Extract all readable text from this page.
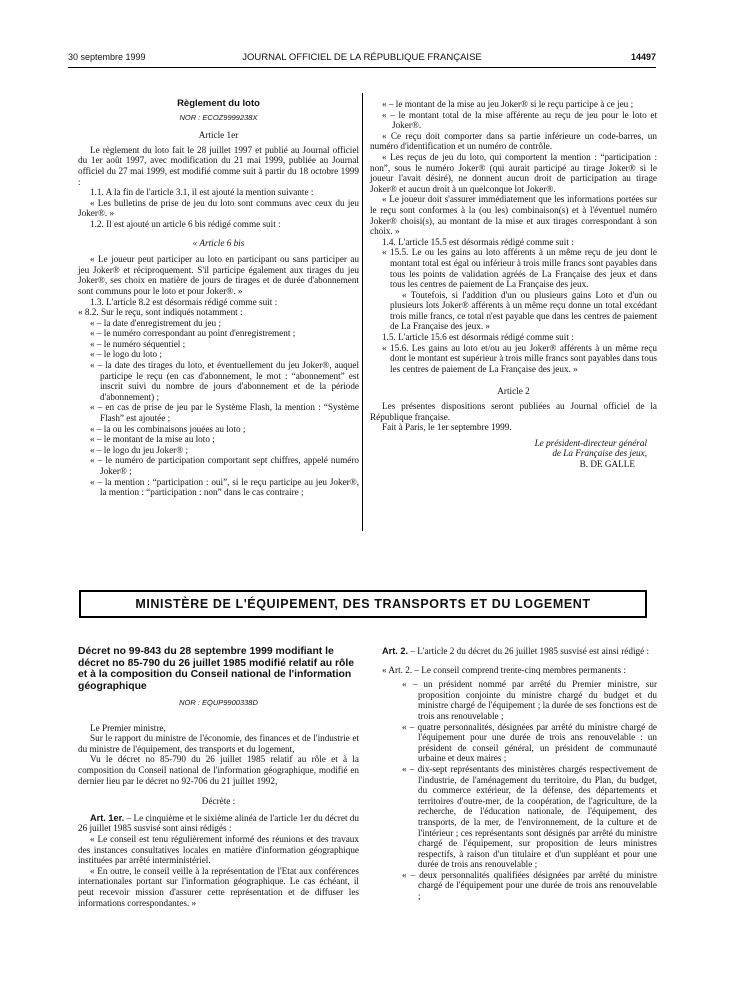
30 septembre 1999	JOURNAL OFFICIEL DE LA RÉPUBLIQUE FRANÇAISE	14497

Règlement du loto

NOR : ECOZ9999238X

Article 1er

Le règlement du loto fait le 28 juillet 1997 et publié au Journal officiel du 1er août 1997, avec modification du 21 mai 1999, publiée au Journal officiel du 27 mai 1999, est modifié comme suit à partir du 18 octobre 1999 :

1.1. A la fin de l'article 3.1, il est ajouté la mention suivante :

« Les bulletins de prise de jeu du loto sont communs avec ceux du jeu Joker®. »

1.2. Il est ajouté un article 6 bis rédigé comme suit :

« Article 6 bis

« Le joueur peut participer au loto en participant ou sans participer au jeu Joker® et réciproquement. S'il participe également aux tirages du jeu Joker®, ses choix en matière de jours de tirages et de durée d'abonnement sont communs pour le loto et pour Joker®. »

1.3. L'article 8.2 est désormais rédigé comme suit :

« 8.2. Sur le reçu, sont indiqués notamment :

« – la date d'enregistrement du jeu ;

« – le numéro correspondant au point d'enregistrement ;

« – le numéro séquentiel ;

« – le logo du loto ;

« – la date des tirages du loto, et éventuellement du jeu Joker®, auquel participe le reçu (en cas d'abonnement, le mot : “abonnement” est inscrit suivi du nombre de jours d'abonnement et de la période d'abonnement) ;

« – en cas de prise de jeu par le Système Flash, la mention : “Système Flash” est ajoutée ;

« – la ou les combinaisons jouées au loto ;

« – le montant de la mise au loto ;

« – le logo du jeu Joker® ;

« – le numéro de participation comportant sept chiffres, appelé numéro Joker® ;

« – la mention : “participation : oui”, si le reçu participe au jeu Joker®, la mention : “participation : non” dans le cas contraire ;

« – le montant de la mise au jeu Joker® si le reçu participe à ce jeu ;

« – le montant total de la mise afférente au reçu de jeu pour le loto et Joker®.

« Ce reçu doit comporter dans sa partie inférieure un code-barres, un numéro d'identification et un numéro de contrôle.

« Les reçus de jeu du loto, qui comportent la mention : “participation : non”, sous le numéro Joker® (qui aurait participé au tirage Joker® si le joueur l'avait désiré), ne donnent aucun droit de participation au tirage Joker® et aucun droit à un quelconque lot Joker®.

« Le joueur doit s'assurer immédiatement que les informations portées sur le reçu sont conformes à la (ou les) combinaison(s) et à l'éventuel numéro Joker® choisi(s), au montant de la mise et aux tirages correspondant à son choix. »

1.4. L'article 15.5 est désormais rédigé comme suit :

« 15.5. Le ou les gains au loto afférents à un même reçu de jeu dont le montant total est égal ou inférieur à trois mille francs sont payables dans tous les points de validation agréés de La Française des jeux et dans tous les centres de paiement de La Française des jeux.

« Toutefois, si l'addition d'un ou plusieurs gains Loto et d'un ou plusieurs lots Joker® afférents à un même reçu donne un total excédant trois mille francs, ce total n'est payable que dans les centres de paiement de La Française des jeux. »

1.5. L'article 15.6 est désormais rédigé comme suit :

« 15.6. Les gains au loto et/ou au jeu Joker® afférents à un même reçu dont le montant est supérieur à trois mille francs sont payables dans tous les centres de paiement de La Française des jeux. »

Article 2

Les présentes dispositions seront publiées au Journal officiel de la République française.

Fait à Paris, le 1er septembre 1999.

Le président-directeur général

de La Française des jeux,

B. DE GALLE

MINISTÈRE DE L'ÉQUIPEMENT, DES TRANSPORTS ET DU LOGEMENT

Décret no 99-843 du 28 septembre 1999 modifiant le décret no 85-790 du 26 juillet 1985 modifié relatif au rôle et à la composition du Conseil national de l'information géographique

NOR : EQUP9900338D

Le Premier ministre,

Sur le rapport du ministre de l'économie, des finances et de l'industrie et du ministre de l'équipement, des transports et du logement,

Vu le décret no 85-790 du 26 juillet 1985 relatif au rôle et à la composition du Conseil national de l'information géographique, modifié en dernier lieu par le décret no 92-706 du 21 juillet 1992,

Décrète :

Art. 1er. – Le cinquième et le sixième alinéa de l'article 1er du décret du 26 juillet 1985 susvisé sont ainsi rédigés :

« Le conseil est tenu régulièrement informé des réunions et des travaux des instances consultatives locales en matière d'information géographique instituées par arrêté interministériel.

« En outre, le conseil veille à la représentation de l'Etat aux conférences internationales portant sur l'information géographique. Le cas échéant, il peut recevoir mission d'assurer cette représentation et de diffuser les informations correspondantes. »

Art. 2. – L'article 2 du décret du 26 juillet 1985 susvisé est ainsi rédigé :

« Art. 2. – Le conseil comprend trente-cinq membres permanents :

« – un président nommé par arrêté du Premier ministre, sur proposition conjointe du ministre chargé du budget et du ministre chargé de l'équipement ; la durée de ses fonctions est de trois ans renouvelable ;

« – quatre personnalités, désignées par arrêté du ministre chargé de l'équipement pour une durée de trois ans renouvelable : un président de conseil général, un président de communauté urbaine et deux maires ;

« – dix-sept représentants des ministères chargés respectivement de l'industrie, de l'aménagement du territoire, du Plan, du budget, du commerce extérieur, de la défense, des départements et territoires d'outre-mer, de la coopération, de l'agriculture, de la recherche, de l'éducation nationale, de l'équipement, des transports, de la mer, de l'environnement, de la culture et de l'intérieur ; ces représentants sont désignés par arrêté du ministre chargé de l'équipement, sur proposition de leurs ministres respectifs, à raison d'un titulaire et d'un suppléant et pour une durée de trois ans renouvelable ;

« – deux personnalités qualifiées désignées par arrêté du ministre chargé de l'équipement pour une durée de trois ans renouvelable ;
